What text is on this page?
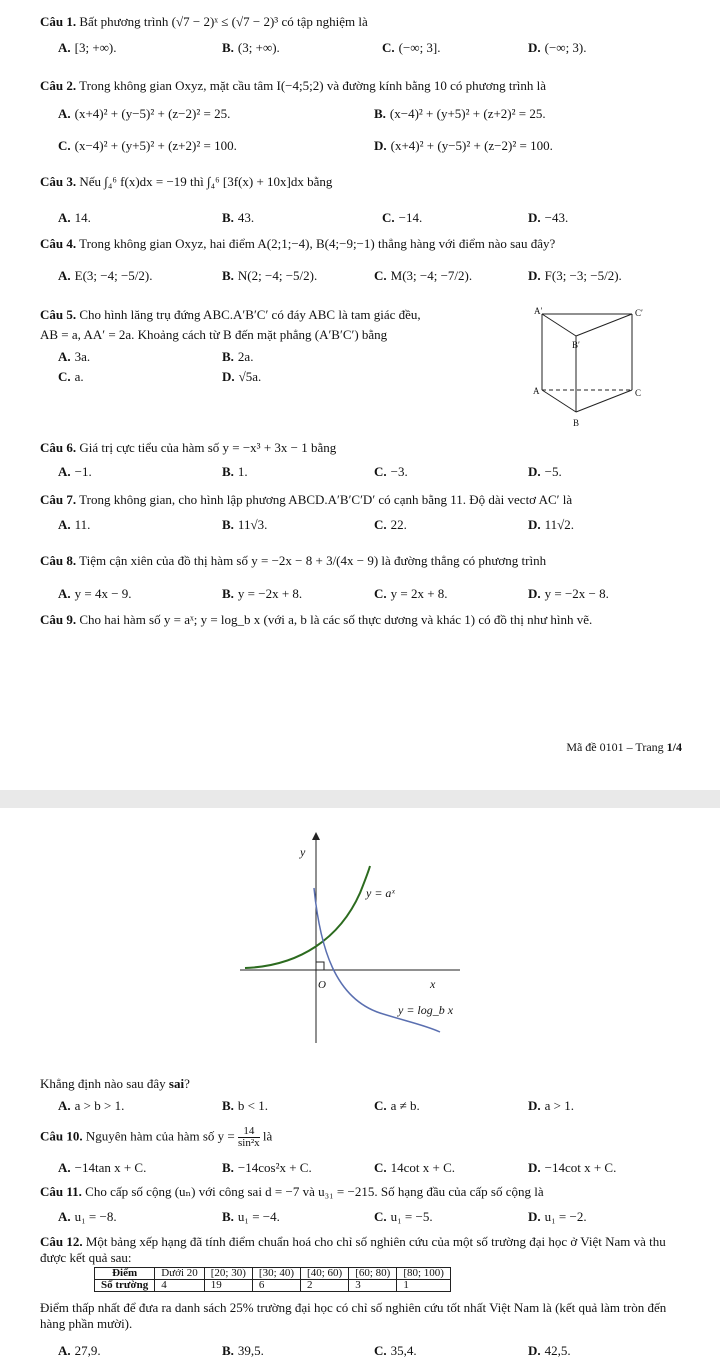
Câu 1. Bất phương trình (√7 − 2)ˣ ≤ (√7 − 2)³ có tập nghiệm là
A. [3; +∞).	B. (3; +∞).	C. (−∞; 3].	D. (−∞; 3).
Câu 2. Trong không gian Oxyz, mặt cầu tâm I(−4;5;2) và đường kính bằng 10 có phương trình là
A. (x+4)² + (y−5)² + (z−2)² = 25.	B. (x−4)² + (y+5)² + (z+2)² = 25.
C. (x−4)² + (y+5)² + (z+2)² = 100.	D. (x+4)² + (y−5)² + (z−2)² = 100.
Câu 3. Nếu ∫₄⁶ f(x)dx = −19 thì ∫₄⁶ [3f(x) + 10x]dx bằng
A. 14.	B. 43.	C. −14.	D. −43.
Câu 4. Trong không gian Oxyz, hai điểm A(2;1;−4), B(4;−9;−1) thẳng hàng với điểm nào sau đây?
A. E(3; −4; −5/2).	B. N(2; −4; −5/2).	C. M(3; −4; −7/2).	D. F(3; −3; −5/2).
Câu 5. Cho hình lăng trụ đứng ABC.A′B′C′ có đáy ABC là tam giác đều,
AB = a, AA′ = 2a. Khoảng cách từ B đến mặt phẳng (A′B′C′) bằng
A. 3a.	B. 2a.
C. a.	D. √5a.
A′	C′
B′
A	C
B
Câu 6. Giá trị cực tiểu của hàm số y = −x³ + 3x − 1 bằng
A. −1.	B. 1.	C. −3.	D. −5.
Câu 7. Trong không gian, cho hình lập phương ABCD.A′B′C′D′ có cạnh bằng 11. Độ dài vectơ AC′ là
A. 11.	B. 11√3.	C. 22.	D. 11√2.
Câu 8. Tiệm cận xiên của đồ thị hàm số y = −2x − 8 + 3/(4x − 9) là đường thẳng có phương trình
A. y = 4x − 9.	B. y = −2x + 8.	C. y = 2x + 8.	D. y = −2x − 8.
Câu 9. Cho hai hàm số y = aˣ; y = log_b x (với a, b là các số thực dương và khác 1) có đồ thị như hình vẽ.
Mã đề 0101 – Trang 1/4
y
x
O
y = aˣ
y = log_b x
Khẳng định nào sau đây sai?
A. a > b > 1.	B. b < 1.	C. a ≠ b.	D. a > 1.
Câu 10. Nguyên hàm của hàm số $y = \frac{14}{\text{sin²x}}$ là
A. −14tan x + C.	B. −14cos²x + C.	C. 14cot x + C.	D. −14cot x + C.
Câu 11. Cho cấp số cộng (uₙ) với công sai d = −7 và u₃₁ = −215. Số hạng đầu của cấp số cộng là
A. u₁ = −8.	B. u₁ = −4.	C. u₁ = −5.	D. u₁ = −2.
Câu 12. Một bảng xếp hạng đã tính điểm chuẩn hoá cho chỉ số nghiên cứu của một số trường đại học ở Việt Nam và thu được kết quả sau:
Điểm	Dưới 20	[20; 30)	[30; 40)	[40; 60)	[60; 80)	[80; 100)
Số trường	4	19	6	2	3	1
Điểm thấp nhất để đưa ra danh sách 25% trường đại học có chỉ số nghiên cứu tốt nhất Việt Nam là (kết quả làm tròn đến hàng phần mười).
A. 27,9.	B. 39,5.	C. 35,4.	D. 42,5.
